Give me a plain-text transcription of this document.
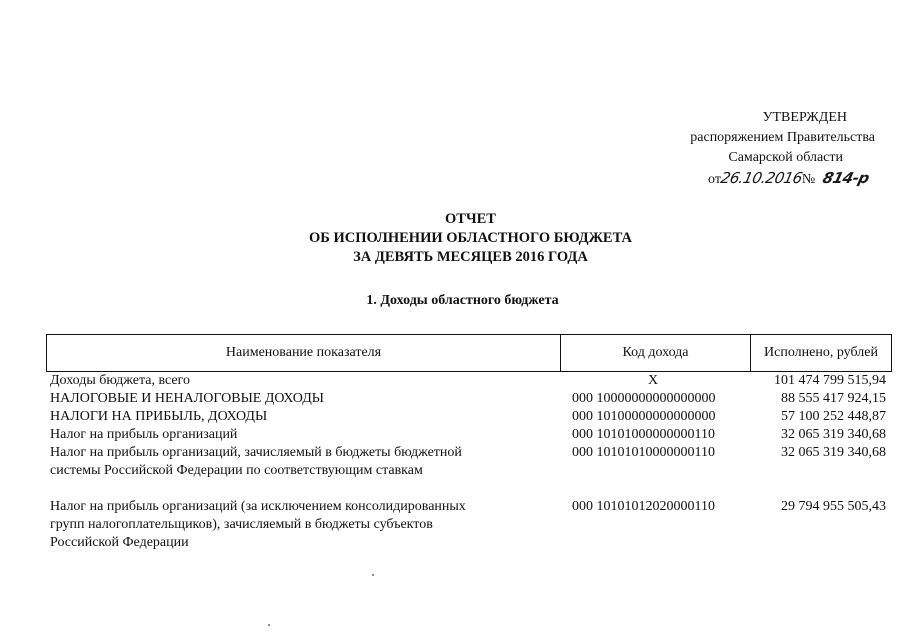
УТВЕРЖДЕН
распоряжением Правительства
Самарской области
от26.10.2016№ 814-р
ОТЧЕТ
ОБ ИСПОЛНЕНИИ ОБЛАСТНОГО БЮДЖЕТА
ЗА ДЕВЯТЬ МЕСЯЦЕВ 2016 ГОДА
1. Доходы областного бюджета
Наименование показателя	Код дохода	Исполнено, рублей
Доходы бюджета, всего	Х	101 474 799 515,94
НАЛОГОВЫЕ И НЕНАЛОГОВЫЕ ДОХОДЫ	000 10000000000000000	88 555 417 924,15
НАЛОГИ НА ПРИБЫЛЬ, ДОХОДЫ	000 10100000000000000	57 100 252 448,87
Налог на прибыль организаций	000 10101000000000110	32 065 319 340,68
Налог на прибыль организаций, зачисляемый в бюджеты бюджетной
системы Российской Федерации по соответствующим ставкам
000 10101010000000110	32 065 319 340,68
Налог на прибыль организаций (за исключением консолидированных
групп налогоплательщиков), зачисляемый в бюджеты субъектов
Российской Федерации
000 10101012020000110	29 794 955 505,43
